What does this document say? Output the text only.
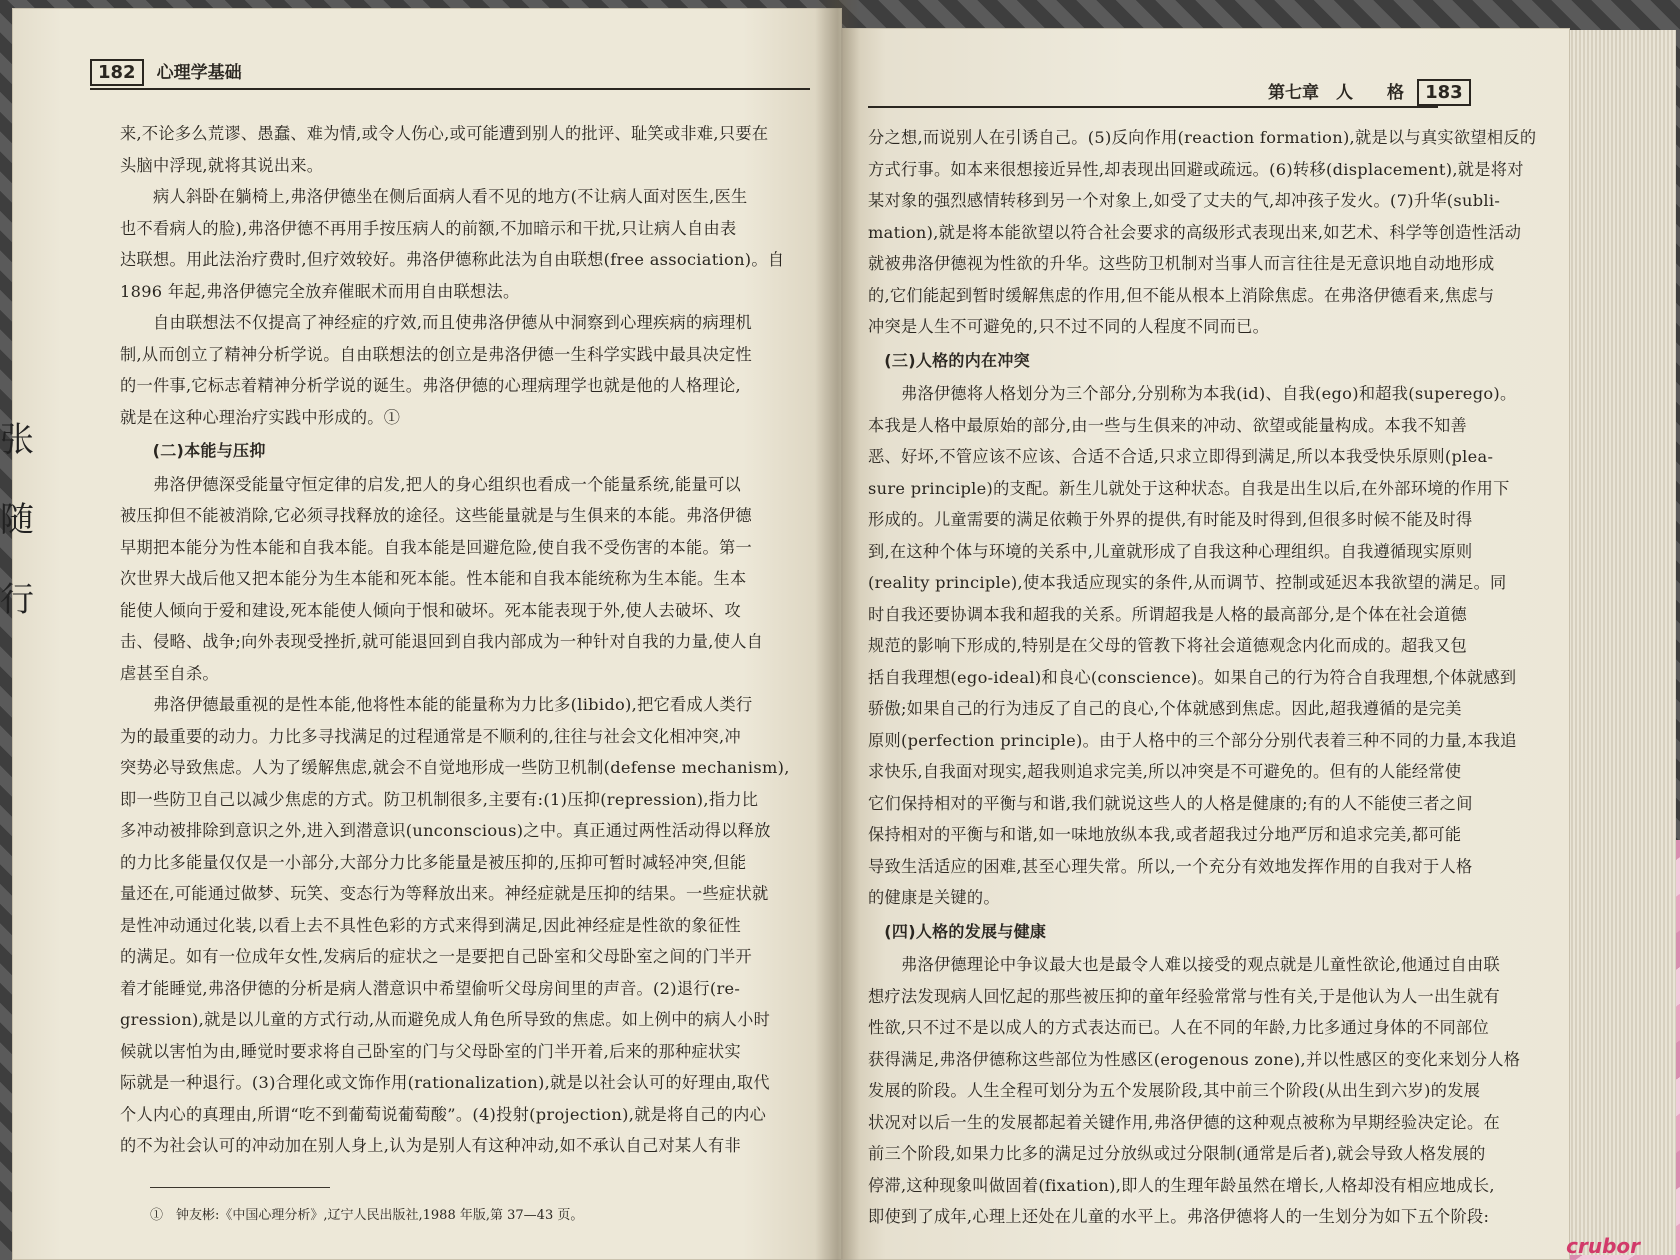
张 随 行
182 心理学基础
第七章　人　　格 183

来,不论多么荒谬、愚蠢、难为情,或令人伤心,或可能遭到别人的批评、耻笑或非难,只要在

头脑中浮现,就将其说出来。

　　病人斜卧在躺椅上,弗洛伊德坐在侧后面病人看不见的地方(不让病人面对医生,医生

也不看病人的脸),弗洛伊德不再用手按压病人的前额,不加暗示和干扰,只让病人自由表

达联想。用此法治疗费时,但疗效较好。弗洛伊德称此法为自由联想(free association)。自

1896 年起,弗洛伊德完全放弃催眠术而用自由联想法。

　　自由联想法不仅提高了神经症的疗效,而且使弗洛伊德从中洞察到心理疾病的病理机

制,从而创立了精神分析学说。自由联想法的创立是弗洛伊德一生科学实践中最具决定性

的一件事,它标志着精神分析学说的诞生。弗洛伊德的心理病理学也就是他的人格理论,

就是在这种心理治疗实践中形成的。①

　　(二)本能与压抑

　　弗洛伊德深受能量守恒定律的启发,把人的身心组织也看成一个能量系统,能量可以

被压抑但不能被消除,它必须寻找释放的途径。这些能量就是与生俱来的本能。弗洛伊德

早期把本能分为性本能和自我本能。自我本能是回避危险,使自我不受伤害的本能。第一

次世界大战后他又把本能分为生本能和死本能。性本能和自我本能统称为生本能。生本

能使人倾向于爱和建设,死本能使人倾向于恨和破坏。死本能表现于外,使人去破坏、攻

击、侵略、战争;向外表现受挫折,就可能退回到自我内部成为一种针对自我的力量,使人自

虐甚至自杀。

　　弗洛伊德最重视的是性本能,他将性本能的能量称为力比多(libido),把它看成人类行

为的最重要的动力。力比多寻找满足的过程通常是不顺利的,往往与社会文化相冲突,冲

突势必导致焦虑。人为了缓解焦虑,就会不自觉地形成一些防卫机制(defense mechanism),

即一些防卫自己以减少焦虑的方式。防卫机制很多,主要有:(1)压抑(repression),指力比

多冲动被排除到意识之外,进入到潜意识(unconscious)之中。真正通过两性活动得以释放

的力比多能量仅仅是一小部分,大部分力比多能量是被压抑的,压抑可暂时减轻冲突,但能

量还在,可能通过做梦、玩笑、变态行为等释放出来。神经症就是压抑的结果。一些症状就

是性冲动通过化装,以看上去不具性色彩的方式来得到满足,因此神经症是性欲的象征性

的满足。如有一位成年女性,发病后的症状之一是要把自己卧室和父母卧室之间的门半开

着才能睡觉,弗洛伊德的分析是病人潜意识中希望偷听父母房间里的声音。(2)退行(re-

gression),就是以儿童的方式行动,从而避免成人角色所导致的焦虑。如上例中的病人小时

候就以害怕为由,睡觉时要求将自己卧室的门与父母卧室的门半开着,后来的那种症状实

际就是一种退行。(3)合理化或文饰作用(rationalization),就是以社会认可的好理由,取代

个人内心的真理由,所谓“吃不到葡萄说葡萄酸”。(4)投射(projection),就是将自己的内心

的不为社会认可的冲动加在别人身上,认为是别人有这种冲动,如不承认自己对某人有非

①　钟友彬:《中国心理分析》,辽宁人民出版社,1988 年版,第 37—43 页。

分之想,而说别人在引诱自己。(5)反向作用(reaction formation),就是以与真实欲望相反的

方式行事。如本来很想接近异性,却表现出回避或疏远。(6)转移(displacement),就是将对

某对象的强烈感情转移到另一个对象上,如受了丈夫的气,却冲孩子发火。(7)升华(subli-

mation),就是将本能欲望以符合社会要求的高级形式表现出来,如艺术、科学等创造性活动

就被弗洛伊德视为性欲的升华。这些防卫机制对当事人而言往往是无意识地自动地形成

的,它们能起到暂时缓解焦虑的作用,但不能从根本上消除焦虑。在弗洛伊德看来,焦虑与

冲突是人生不可避免的,只不过不同的人程度不同而已。

　(三)人格的内在冲突

　　弗洛伊德将人格划分为三个部分,分别称为本我(id)、自我(ego)和超我(superego)。

本我是人格中最原始的部分,由一些与生俱来的冲动、欲望或能量构成。本我不知善

恶、好坏,不管应该不应该、合适不合适,只求立即得到满足,所以本我受快乐原则(plea-

sure principle)的支配。新生儿就处于这种状态。自我是出生以后,在外部环境的作用下

形成的。儿童需要的满足依赖于外界的提供,有时能及时得到,但很多时候不能及时得

到,在这种个体与环境的关系中,儿童就形成了自我这种心理组织。自我遵循现实原则

(reality principle),使本我适应现实的条件,从而调节、控制或延迟本我欲望的满足。同

时自我还要协调本我和超我的关系。所谓超我是人格的最高部分,是个体在社会道德

规范的影响下形成的,特别是在父母的管教下将社会道德观念内化而成的。超我又包

括自我理想(ego-ideal)和良心(conscience)。如果自己的行为符合自我理想,个体就感到

骄傲;如果自己的行为违反了自己的良心,个体就感到焦虑。因此,超我遵循的是完美

原则(perfection principle)。由于人格中的三个部分分别代表着三种不同的力量,本我追

求快乐,自我面对现实,超我则追求完美,所以冲突是不可避免的。但有的人能经常使

它们保持相对的平衡与和谐,我们就说这些人的人格是健康的;有的人不能使三者之间

保持相对的平衡与和谐,如一味地放纵本我,或者超我过分地严厉和追求完美,都可能

导致生活适应的困难,甚至心理失常。所以,一个充分有效地发挥作用的自我对于人格

的健康是关键的。

　(四)人格的发展与健康

　　弗洛伊德理论中争议最大也是最令人难以接受的观点就是儿童性欲论,他通过自由联

想疗法发现病人回忆起的那些被压抑的童年经验常常与性有关,于是他认为人一出生就有

性欲,只不过不是以成人的方式表达而已。人在不同的年龄,力比多通过身体的不同部位

获得满足,弗洛伊德称这些部位为性感区(erogenous zone),并以性感区的变化来划分人格

发展的阶段。人生全程可划分为五个发展阶段,其中前三个阶段(从出生到六岁)的发展

状况对以后一生的发展都起着关键作用,弗洛伊德的这种观点被称为早期经验决定论。在

前三个阶段,如果力比多的满足过分放纵或过分限制(通常是后者),就会导致人格发展的

停滞,这种现象叫做固着(fixation),即人的生理年龄虽然在增长,人格却没有相应地成长,

即使到了成年,心理上还处在儿童的水平上。弗洛伊德将人的一生划分为如下五个阶段:

crubor
